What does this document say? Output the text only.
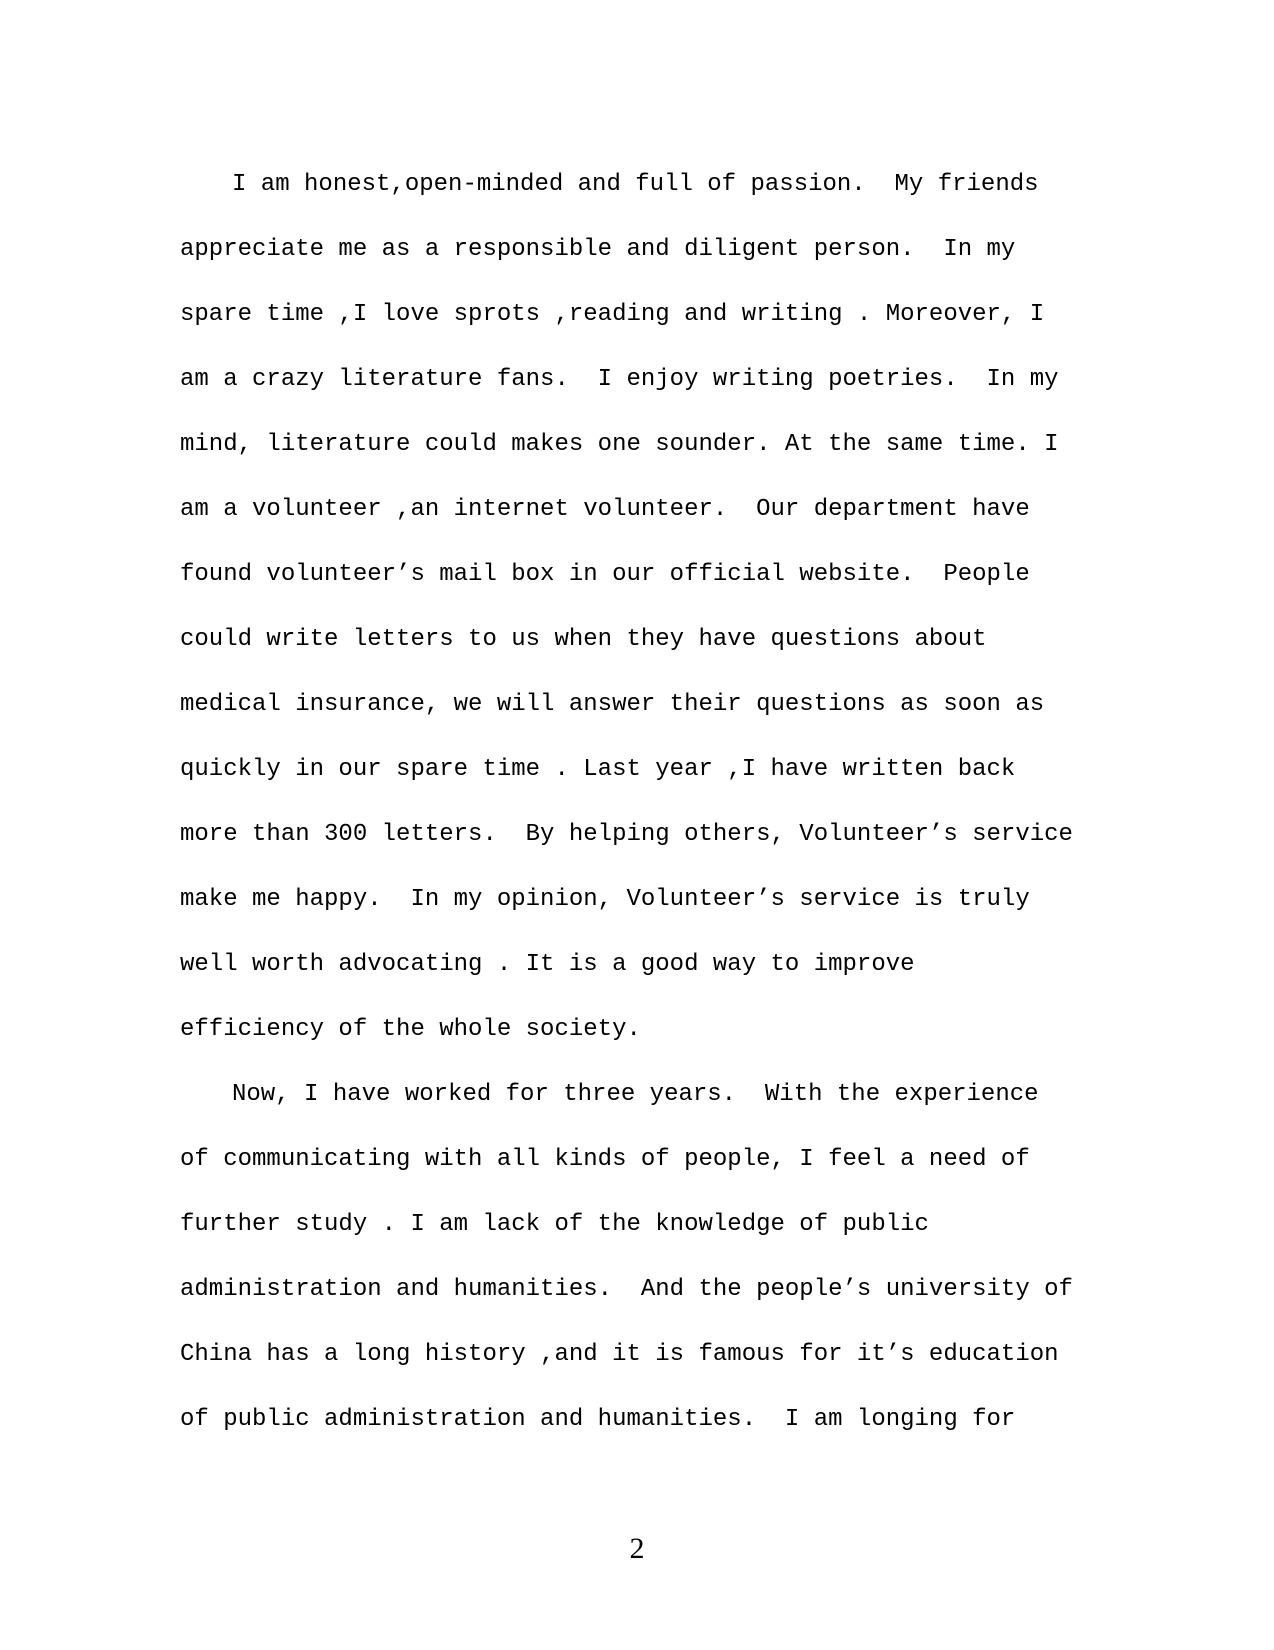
I am honest,open-minded and full of passion.  My friends
appreciate me as a responsible and diligent person.  In my
spare time ,I love sprots ,reading and writing . Moreover, I
am a crazy literature fans.  I enjoy writing poetries.  In my
mind, literature could makes one sounder. At the same time. I
am a volunteer ,an internet volunteer.  Our department have
found volunteer’s mail box in our official website.  People
could write letters to us when they have questions about
medical insurance, we will answer their questions as soon as
quickly in our spare time . Last year ,I have written back
more than 300 letters.  By helping others, Volunteer’s service
make me happy.  In my opinion, Volunteer’s service is truly
well worth advocating . It is a good way to improve
efficiency of the whole society.
Now, I have worked for three years.  With the experience
of communicating with all kinds of people, I feel a need of
further study . I am lack of the knowledge of public
administration and humanities.  And the people’s university of
China has a long history ,and it is famous for it’s education
of public administration and humanities.  I am longing for
2
